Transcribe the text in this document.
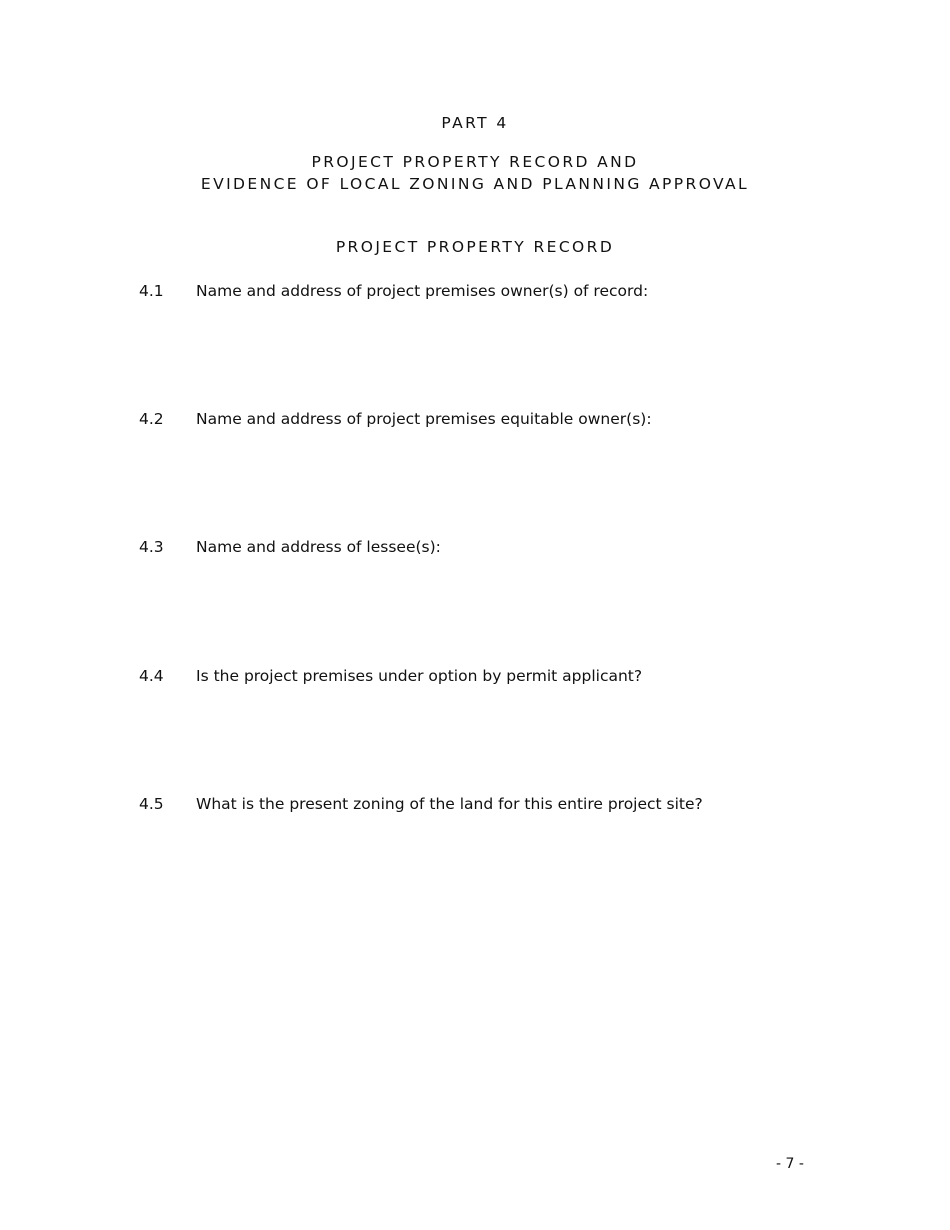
PART 4
PROJECT PROPERTY RECORD AND
EVIDENCE OF LOCAL ZONING AND PLANNING APPROVAL
PROJECT PROPERTY RECORD
4.1 Name and address of project premises owner(s) of record:
4.2 Name and address of project premises equitable owner(s):
4.3 Name and address of lessee(s):
4.4 Is the project premises under option by permit applicant?
4.5 What is the present zoning of the land for this entire project site?
- 7 -
